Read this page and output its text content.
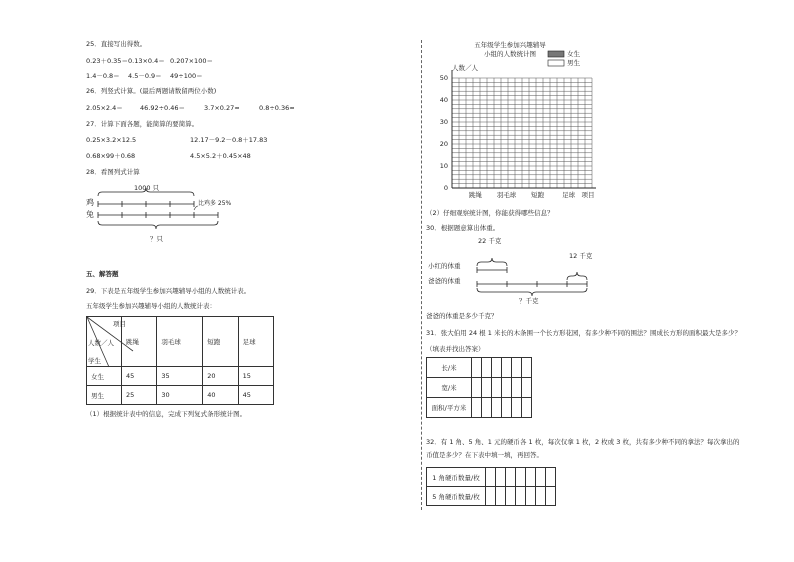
25．直接写出得数。
0.23＋0.35＝ 0.13×0.4＝ 0.207×100＝
1.4－0.8＝ 4.5－0.9＝ 49÷100＝
26．列竖式计算。(最后两题请数留两位小数)
2.05×2.4＝	46.92÷0.46＝	3.7×0.27≈	0.8÷0.36≈
27．计算下面各题，能简算的要简算。
0.25×3.2×12.5	12.17－9.2－0.8＋17.83
0.68×99＋0.68	4.5×5.2＋0.45×48
28．看图列式计算
1000 只
鸡
兔
比鸡多 25%
？只
五、解答题
29．下表是五年级学生参加兴趣辅导小组的人数统计表。
五年级学生参加兴趣辅导小组的人数统计表：
项目
人数／人
学生	跳绳	羽毛球	短跑	足球
女生	45	35	20	15
男生	25	30	40	45
（1）根据统计表中的信息，完成下列复式条形统计图。
五年级学生参加兴趣辅导
小组的人数统计图
人数／人
女生
男生
0
10
20
30
40
50
跳绳 羽毛球 短跑	足球 项目
（2）仔细观察统计图，你能获得哪些信息？
30．根据题意算出体重。
22 千克
12 千克
小红的体重
爸爸的体重
？千克
爸爸的体重是多少千克？
31．张大伯用 24 根 1 米长的木条围一个长方形花园，有多少种不同的围法？围成长方形的面积最大是多少？
（填表并找出答案）
长/米						
宽/米						
面积/平方米						
32．有 1 角、5 角、1 元的硬币各 1 枚，每次仅拿 1 枚，2 枚或 3 枚，共有多少种不同的拿法？每次拿出的
币值是多少？在下表中填一填，再回答。
1 角硬币数量/枚							
5 角硬币数量/枚							
